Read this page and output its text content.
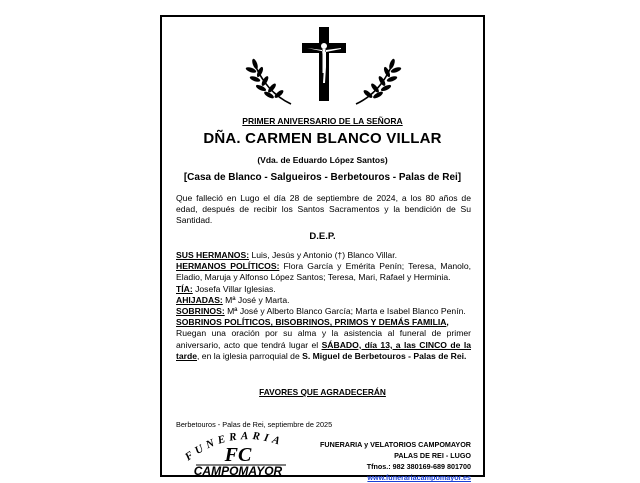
PRIMER ANIVERSARIO DE LA SEÑORA
DÑA. CARMEN BLANCO VILLAR
(Vda. de Eduardo López Santos)
[Casa de Blanco - Salgueiros - Berbetouros - Palas de Rei]
Que falleció en Lugo el día 28 de septiembre de 2024, a los 80 años de edad, después de recibir los Santos Sacramentos y la bendición de Su Santidad.
D.E.P.
SUS HERMANOS: Luis, Jesús y Antonio (†) Blanco Villar.
HERMANOS POLÍTICOS: Flora García y Emérita Penín; Teresa, Manolo, Eladio, Maruja y Alfonso López Santos; Teresa, Mari, Rafael y Herminia.
TÍA: Josefa Villar Iglesias.
AHIJADAS: Mª José y Marta.
SOBRINOS: Mª José y Alberto Blanco García; Marta e Isabel Blanco Penín.
SOBRINOS POLÍTICOS, BISOBRINOS, PRIMOS Y DEMÁS FAMILIA,
Ruegan una oración por su alma y la asistencia al funeral de primer aniversario, acto que tendrá lugar el SÁBADO, día 13, a las CINCO de la tarde, en la iglesia parroquial de S. Miguel de Berbetouros - Palas de Rei.
FAVORES QUE AGRADECERÁN
Berbetouros - Palas de Rei, septiembre de 2025
FUNERARIA
FC
CAMPOMAYOR
FUNERARIA y VELATORIOS CAMPOMAYOR
PALAS DE REI - LUGO
Tfnos.: 982 380169-689 801700
www.funerariacampomayor.es
